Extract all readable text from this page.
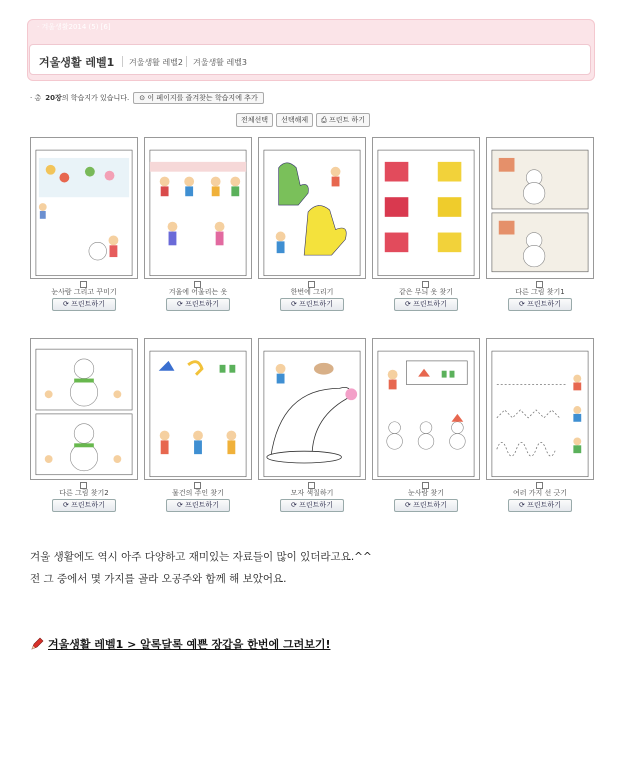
· 겨울생활2014 (5) [6]
겨울생활 레벨1 겨울생활 레벨2 겨울생활 레벨3
· 총 20장 의 학습지가 있습니다.	⊙ 이 페이지를 즐겨찾는 학습지에 추가
전체선택	선택해제	⎙ 프린트 하기
눈사람 그리고 꾸미기	겨울에 어울리는 옷	한번에 그리기	같은 무늬 옷 찾기	다른 그림 찾기1
⟳ 프린트하기	⟳ 프린트하기	⟳ 프린트하기	⟳ 프린트하기	⟳ 프린트하기
다른 그림 찾기2	물건의 주인 찾기	모자 색칠하기	눈사람 찾기	여러 가지 선 긋기
⟳ 프린트하기	⟳ 프린트하기	⟳ 프린트하기	⟳ 프린트하기	⟳ 프린트하기
겨울 생활에도 역시 아주 다양하고 재미있는 자료들이 많이 있더라고요.^^
전 그 중에서 몇 가지를 골라 오공주와 함께 해 보았어요.
겨울생활 레벨1 > 알록달록 예쁜 장갑을 한번에 그려보기!
